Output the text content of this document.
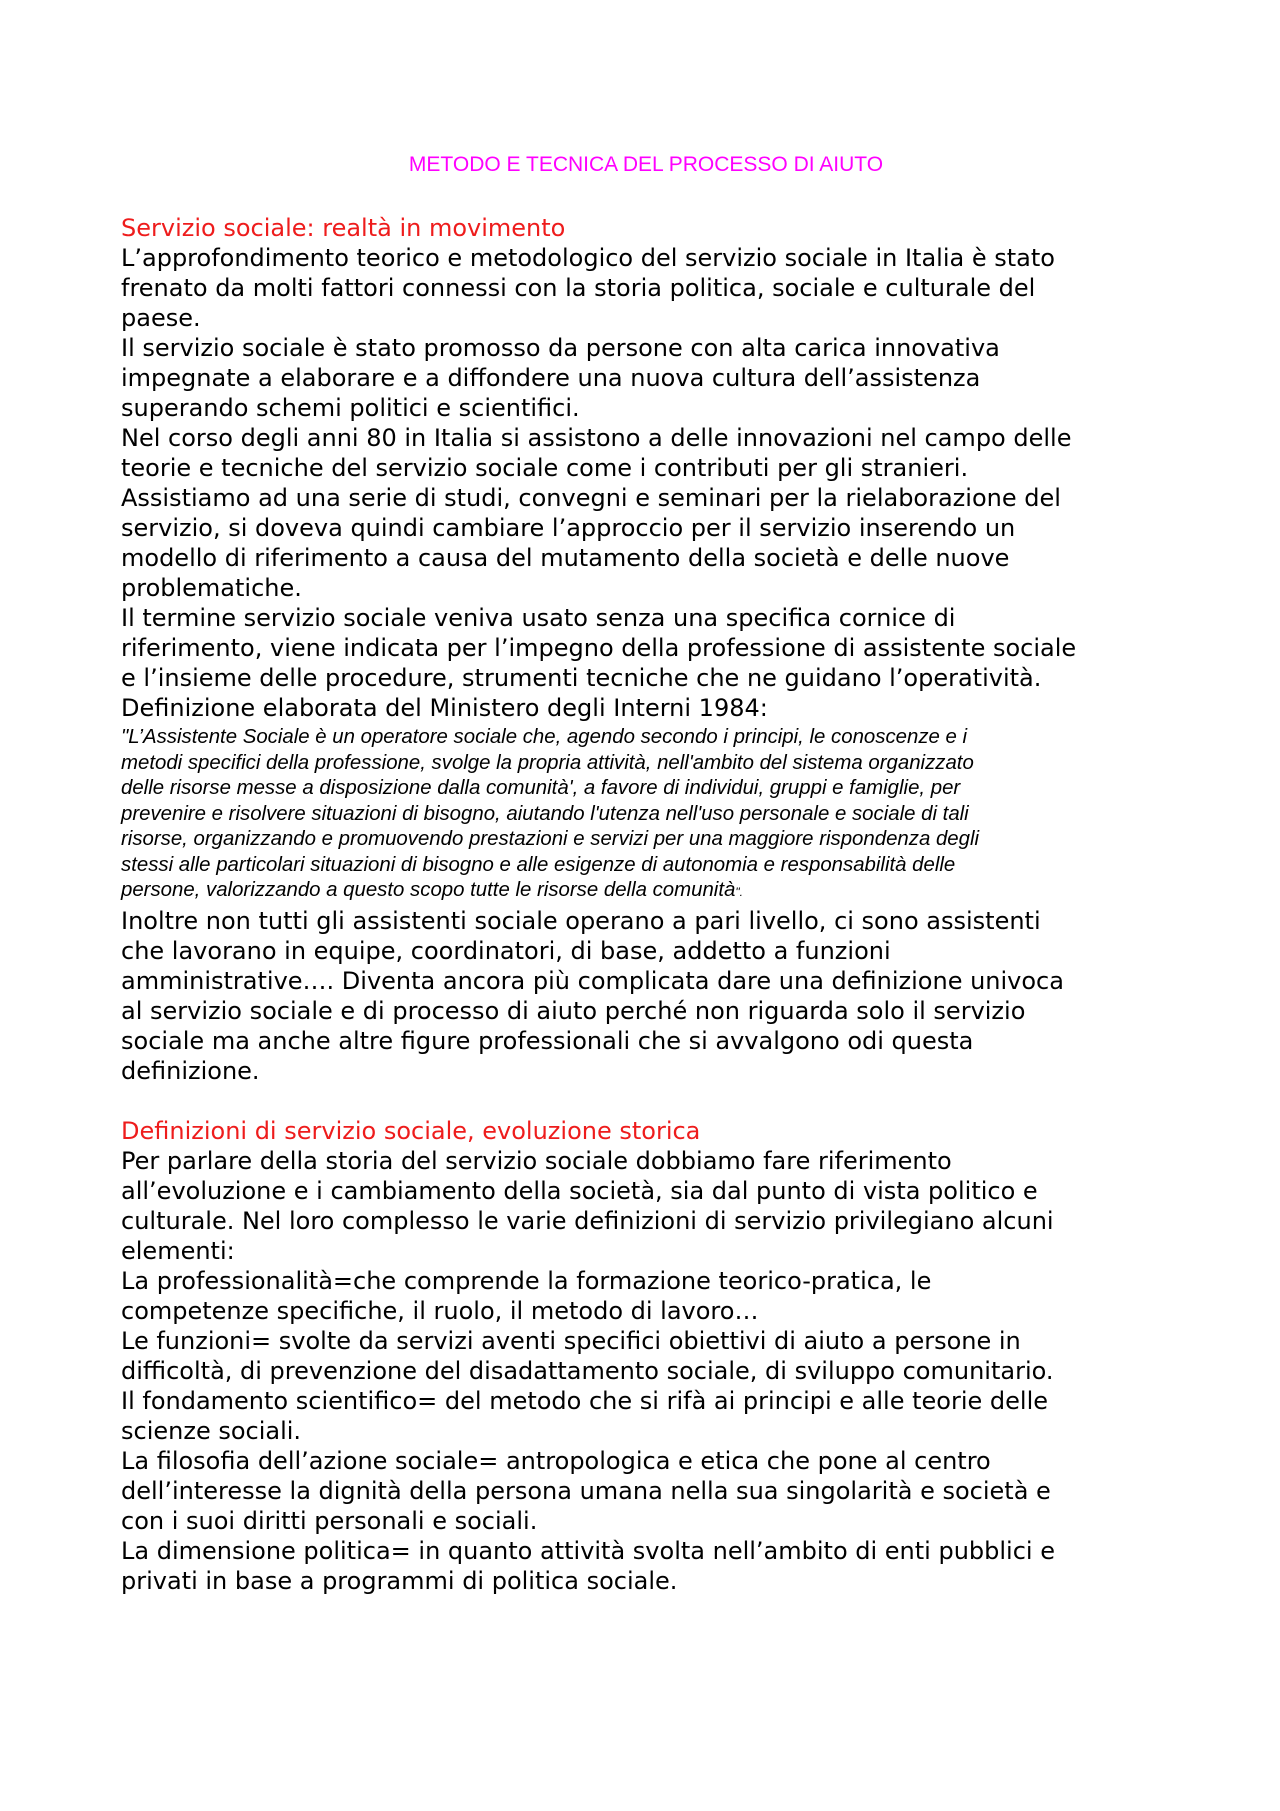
METODO E TECNICA DEL PROCESSO DI AIUTO
Servizio sociale: realtà in movimento

L’approfondimento teorico e metodologico del servizio sociale in Italia è stato
frenato da molti fattori connessi con la storia politica, sociale e culturale del
paese.

Il servizio sociale è stato promosso da persone con alta carica innovativa
impegnate a elaborare e a diffondere una nuova cultura dell’assistenza
superando schemi politici e scientifici.

Nel corso degli anni 80 in Italia si assistono a delle innovazioni nel campo delle
teorie e tecniche del servizio sociale come i contributi per gli stranieri.

Assistiamo ad una serie di studi, convegni e seminari per la rielaborazione del
servizio, si doveva quindi cambiare l’approccio per il servizio inserendo un
modello di riferimento a causa del mutamento della società e delle nuove
problematiche.

Il termine servizio sociale veniva usato senza una specifica cornice di
riferimento, viene indicata per l’impegno della professione di assistente sociale
e l’insieme delle procedure, strumenti tecniche che ne guidano l’operatività.

Definizione elaborata del Ministero degli Interni 1984:

"L’Assistente Sociale è un operatore sociale che, agendo secondo i principi, le conoscenze e i
metodi specifici della professione, svolge la propria attività, nell'ambito del sistema organizzato
delle risorse messe a disposizione dalla comunità', a favore di individui, gruppi e famiglie, per
prevenire e risolvere situazioni di bisogno, aiutando l'utenza nell'uso personale e sociale di tali
risorse, organizzando e promuovendo prestazioni e servizi per una maggiore rispondenza degli
stessi alle particolari situazioni di bisogno e alle esigenze di autonomia e responsabilità delle
persone, valorizzando a questo scopo tutte le risorse della comunità".

Inoltre non tutti gli assistenti sociale operano a pari livello, ci sono assistenti
che lavorano in equipe, coordinatori, di base, addetto a funzioni
amministrative…. Diventa ancora più complicata dare una definizione univoca
al servizio sociale e di processo di aiuto perché non riguarda solo il servizio
sociale ma anche altre figure professionali che si avvalgono odi questa
definizione.

Definizioni di servizio sociale, evoluzione storica

Per parlare della storia del servizio sociale dobbiamo fare riferimento
all’evoluzione e i cambiamento della società, sia dal punto di vista politico e
culturale. Nel loro complesso le varie definizioni di servizio privilegiano alcuni
elementi:

La professionalità=che comprende la formazione teorico-pratica, le
competenze specifiche, il ruolo, il metodo di lavoro…

Le funzioni= svolte da servizi aventi specifici obiettivi di aiuto a persone in
difficoltà, di prevenzione del disadattamento sociale, di sviluppo comunitario.

Il fondamento scientifico= del metodo che si rifà ai principi e alle teorie delle
scienze sociali.

La filosofia dell’azione sociale= antropologica e etica che pone al centro
dell’interesse la dignità della persona umana nella sua singolarità e società e
con i suoi diritti personali e sociali.

La dimensione politica= in quanto attività svolta nell’ambito di enti pubblici e
privati in base a programmi di politica sociale.
